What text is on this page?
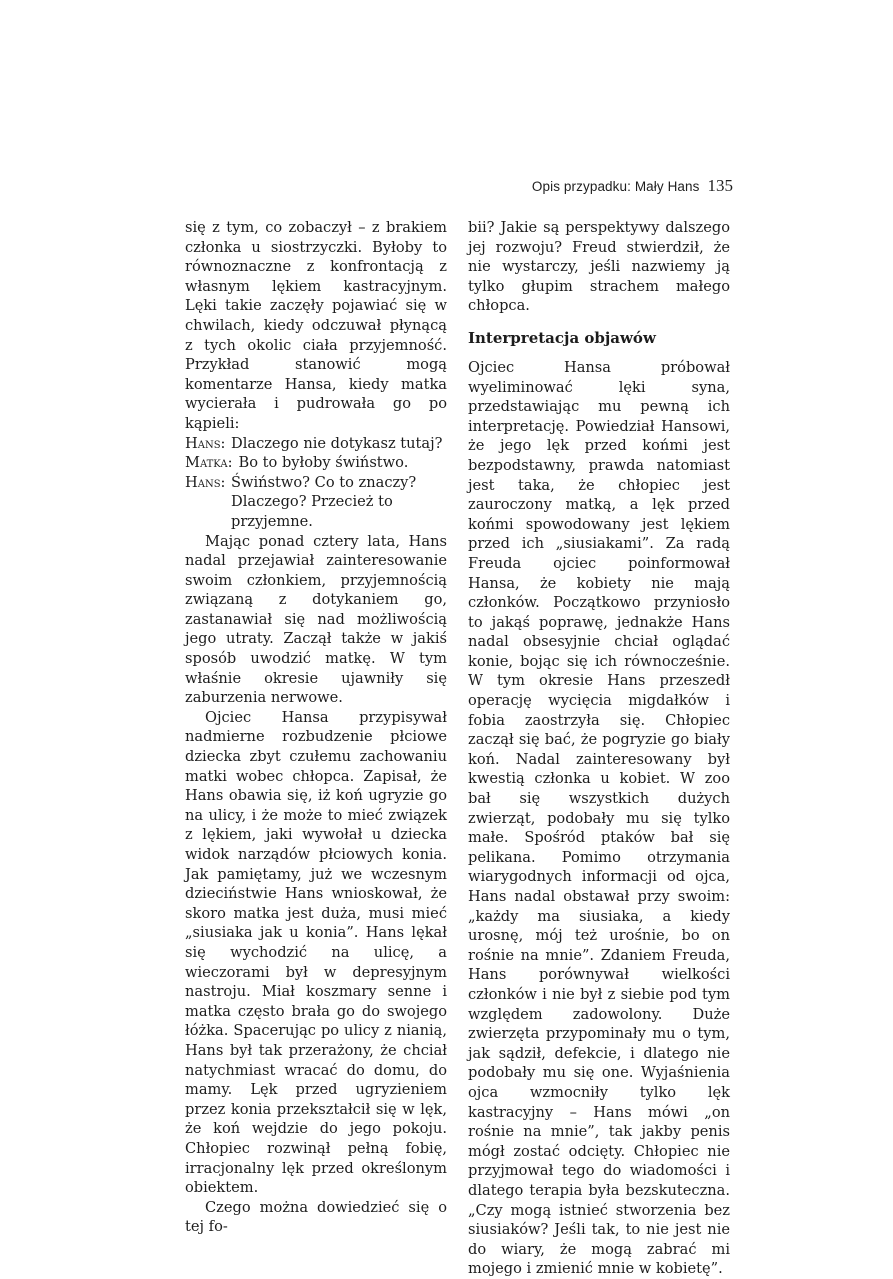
Opis przypadku: Mały Hans 135

się z tym, co zobaczył – z brakiem członka u siostrzyczki. Byłoby to równoznaczne z konfrontacją z własnym lękiem kastracyjnym. Lęki takie zaczęły pojawiać się w chwilach, kiedy odczuwał płynącą z tych okolic ciała przyjemność. Przykład stanowić mogą komentarze Hansa, kiedy matka wycierała i pudrowała go po kąpieli:

Hans: Dlaczego nie dotykasz tutaj?
Matka: Bo to byłoby świństwo.
Hans: Świństwo? Co to znaczy? Dlaczego? Przecież to przyjemne.

Mając ponad cztery lata, Hans nadal przejawiał zainteresowanie swoim członkiem, przyjemnością związaną z dotykaniem go, zastanawiał się nad możliwością jego utraty. Zaczął także w jakiś sposób uwodzić matkę. W tym właśnie okresie ujawniły się zaburzenia nerwowe.

Ojciec Hansa przypisywał nadmierne rozbudzenie płciowe dziecka zbyt czułemu zachowaniu matki wobec chłopca. Zapisał, że Hans obawia się, iż koń ugryzie go na ulicy, i że może to mieć związek z lękiem, jaki wywołał u dziecka widok narządów płciowych konia. Jak pamiętamy, już we wczesnym dzieciństwie Hans wnioskował, że skoro matka jest duża, musi mieć „siusiaka jak u konia”. Hans lękał się wychodzić na ulicę, a wieczorami był w depresyjnym nastroju. Miał koszmary senne i matka często brała go do swojego łóżka. Spacerując po ulicy z nianią, Hans był tak przerażony, że chciał natychmiast wracać do domu, do mamy. Lęk przed ugryzieniem przez konia przekształcił się w lęk, że koń wejdzie do jego pokoju. Chłopiec rozwinął pełną fobię, irracjonalny lęk przed określonym obiektem.

Czego można dowiedzieć się o tej fo-

bii? Jakie są perspektywy dalszego jej rozwoju? Freud stwierdził, że nie wystarczy, jeśli nazwiemy ją tylko głupim strachem małego chłopca.

Interpretacja objawów

Ojciec Hansa próbował wyeliminować lęki syna, przedstawiając mu pewną ich interpretację. Powiedział Hansowi, że jego lęk przed końmi jest bezpodstawny, prawda natomiast jest taka, że chłopiec jest zauroczony matką, a lęk przed końmi spowodowany jest lękiem przed ich „siusiakami”. Za radą Freuda ojciec poinformował Hansa, że kobiety nie mają członków. Początkowo przyniosło to jakąś poprawę, jednakże Hans nadal obsesyjnie chciał oglądać konie, bojąc się ich równocześnie. W tym okresie Hans przeszedł operację wycięcia migdałków i fobia zaostrzyła się. Chłopiec zaczął się bać, że pogryzie go biały koń. Nadal zainteresowany był kwestią członka u kobiet. W zoo bał się wszystkich dużych zwierząt, podobały mu się tylko małe. Spośród ptaków bał się pelikana. Pomimo otrzymania wiarygodnych informacji od ojca, Hans nadal obstawał przy swoim: „każdy ma siusiaka, a kiedy urosnę, mój też urośnie, bo on rośnie na mnie”. Zdaniem Freuda, Hans porównywał wielkości członków i nie był z siebie pod tym względem zadowolony. Duże zwierzęta przypominały mu o tym, jak sądził, defekcie, i dlatego nie podobały mu się one. Wyjaśnienia ojca wzmocniły tylko lęk kastracyjny – Hans mówi „on rośnie na mnie”, tak jakby penis mógł zostać odcięty. Chłopiec nie przyjmował tego do wiadomości i dlatego terapia była bezskuteczna. „Czy mogą istnieć stworzenia bez siusiaków? Jeśli tak, to nie jest nie do wiary, że mogą zabrać mi mojego i zmienić mnie w kobietę”.
